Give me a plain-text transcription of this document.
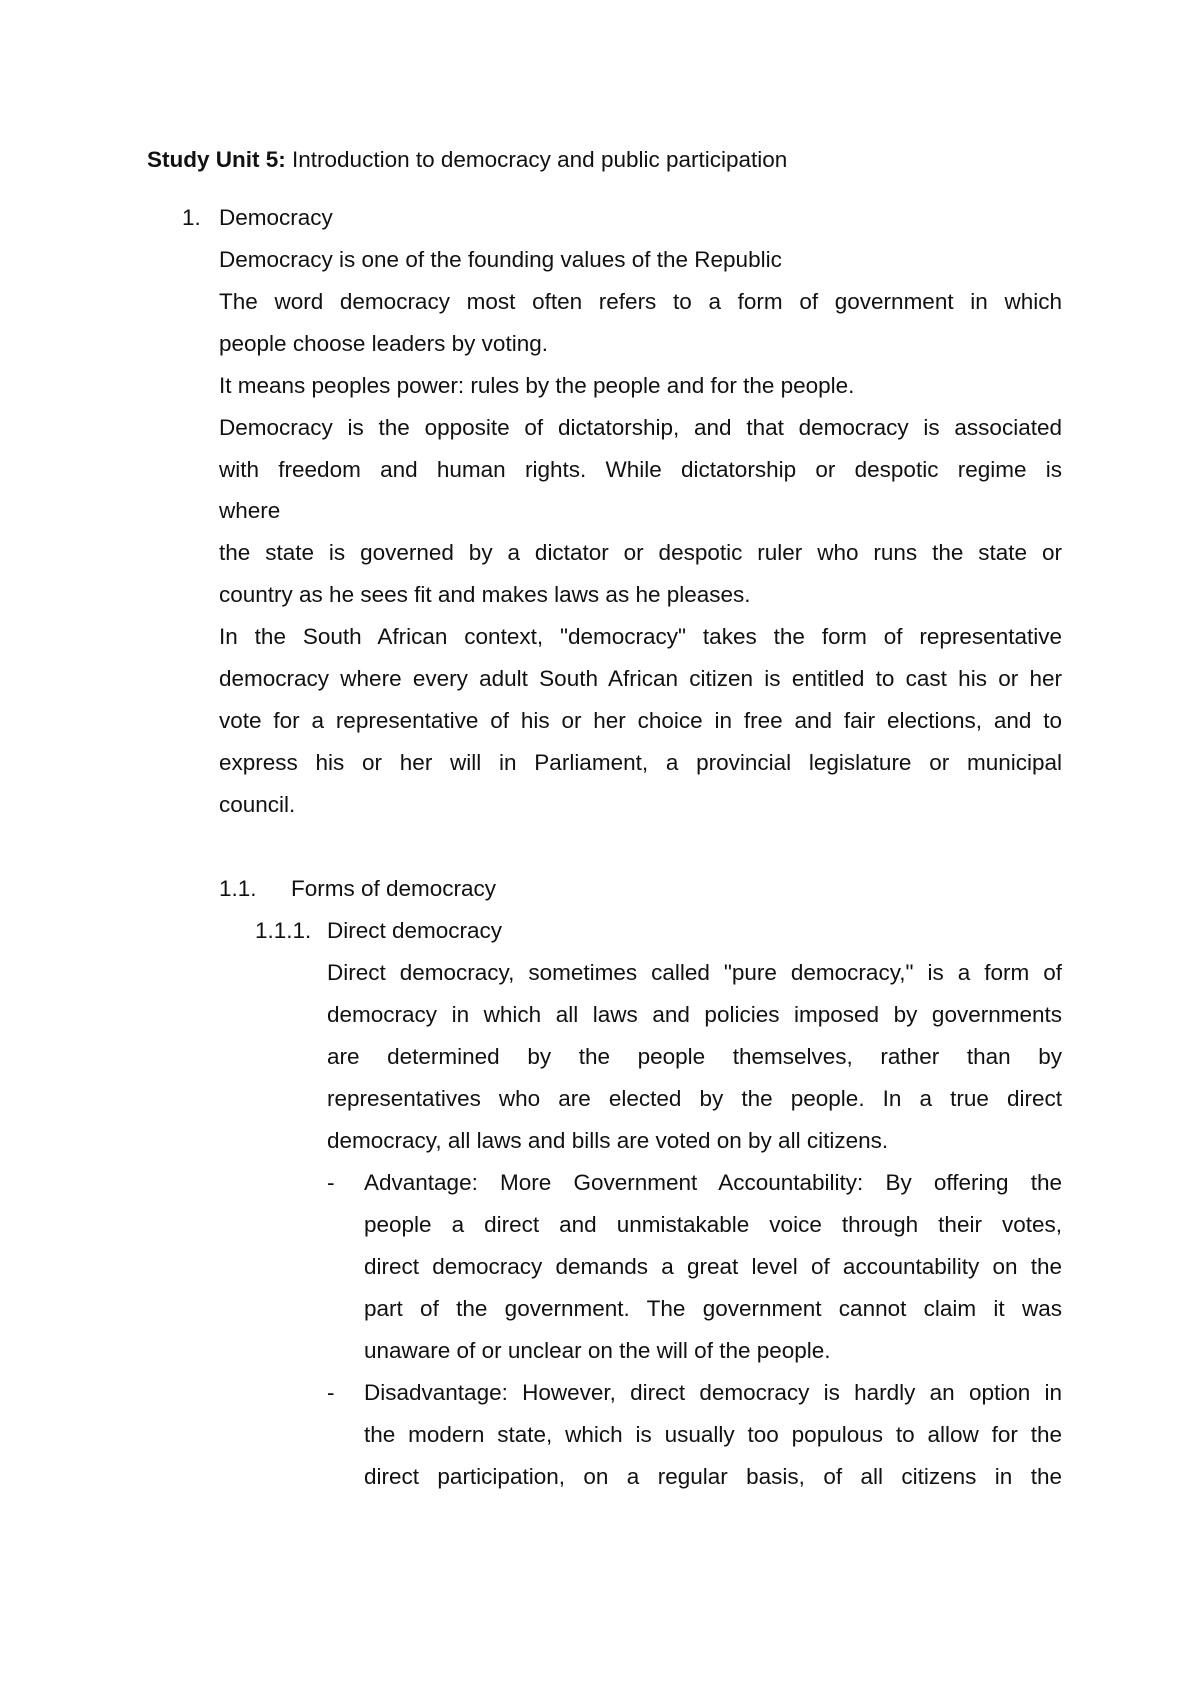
Study Unit 5: Introduction to democracy and public participation
1. Democracy
Democracy is one of the founding values of the Republic
The word democracy most often refers to a form of government in which
people choose leaders by voting.
It means peoples power: rules by the people and for the people.
Democracy is the opposite of dictatorship, and that democracy is associated
with freedom and human rights. While dictatorship or despotic regime is
where
the state is governed by a dictator or despotic ruler who runs the state or
country as he sees fit and makes laws as he pleases.
In the South African context, "democracy" takes the form of representative
democracy where every adult South African citizen is entitled to cast his or her
vote for a representative of his or her choice in free and fair elections, and to
express his or her will in Parliament, a provincial legislature or municipal
council.
1.1. Forms of democracy
1.1.1. Direct democracy
Direct democracy, sometimes called "pure democracy," is a form of
democracy in which all laws and policies imposed by governments
are determined by the people themselves, rather than by
representatives who are elected by the people. In a true direct
democracy, all laws and bills are voted on by all citizens.
- Advantage: More Government Accountability: By offering the
people a direct and unmistakable voice through their votes,
direct democracy demands a great level of accountability on the
part of the government. The government cannot claim it was
unaware of or unclear on the will of the people.
- Disadvantage: However, direct democracy is hardly an option in
the modern state, which is usually too populous to allow for the
direct participation, on a regular basis, of all citizens in the
